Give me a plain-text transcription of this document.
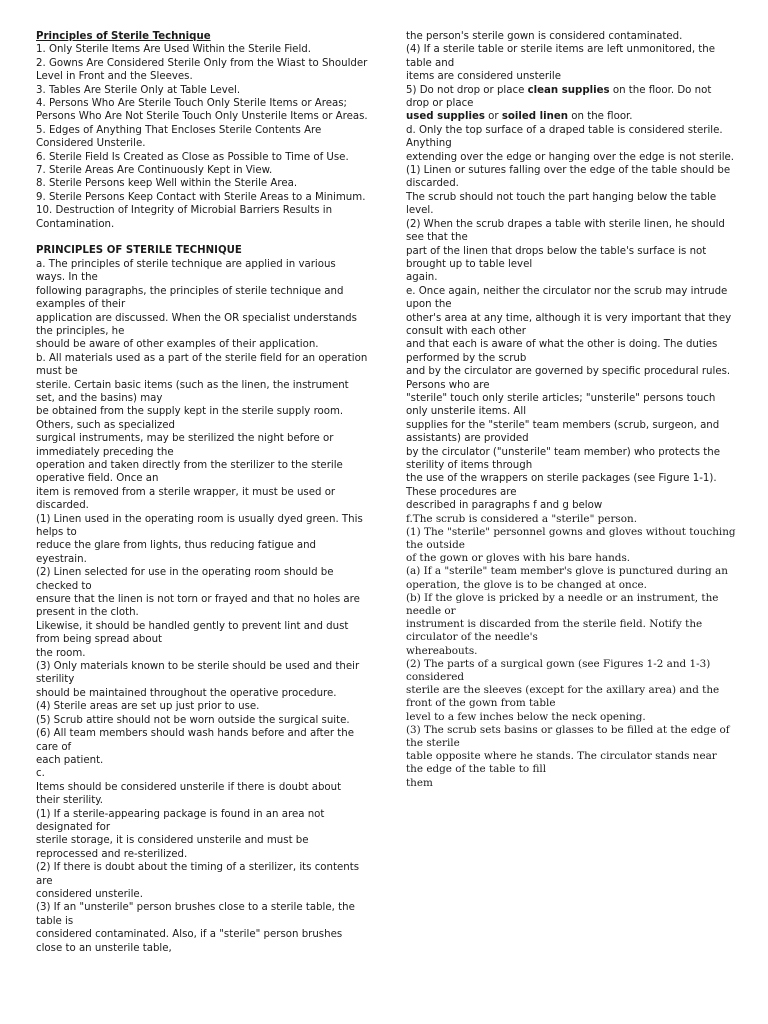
Principles of Sterile Technique

1. Only Sterile Items Are Used Within the Sterile Field.

2. Gowns Are Considered Sterile Only from the Wiast to Shoulder Level in Front and the Sleeves.

3. Tables Are Sterile Only at Table Level.

4. Persons Who Are Sterile Touch Only Sterile Items or Areas; Persons Who Are Not Sterile Touch Only Unsterile Items or Areas.

5. Edges of Anything That Encloses Sterile Contents Are Considered Unsterile.

6. Sterile Field Is Created as Close as Possible to Time of Use.

7. Sterile Areas Are Continuously Kept in View.

8. Sterile Persons keep Well within the Sterile Area.

9. Sterile Persons Keep Contact with Sterile Areas to a Minimum.

10. Destruction of Integrity of Microbial Barriers Results in Contamination.

PRINCIPLES OF STERILE TECHNIQUE

a. The principles of sterile technique are applied in various ways. In the

following paragraphs, the principles of sterile technique and examples of their

application are discussed. When the OR specialist understands the principles, he

should be aware of other examples of their application.

b. All materials used as a part of the sterile field for an operation must be

sterile. Certain basic items (such as the linen, the instrument set, and the basins) may

be obtained from the supply kept in the sterile supply room. Others, such as specialized

surgical instruments, may be sterilized the night before or immediately preceding the

operation and taken directly from the sterilizer to the sterile operative field. Once an

item is removed from a sterile wrapper, it must be used or discarded.

(1) Linen used in the operating room is usually dyed green. This helps to

reduce the glare from lights, thus reducing fatigue and eyestrain.

(2) Linen selected for use in the operating room should be checked to

ensure that the linen is not torn or frayed and that no holes are present in the cloth.

Likewise, it should be handled gently to prevent lint and dust from being spread about

the room.

(3) Only materials known to be sterile should be used and their sterility

should be maintained throughout the operative procedure.

(4) Sterile areas are set up just prior to use.

(5) Scrub attire should not be worn outside the surgical suite.

(6) All team members should wash hands before and after the care of

each patient.

c.

Items should be considered unsterile if there is doubt about their sterility.

(1) If a sterile-appearing package is found in an area not designated for

sterile storage, it is considered unsterile and must be

reprocessed and re-sterilized.

(2) If there is doubt about the timing of a sterilizer, its contents are

considered unsterile.

(3) If an "unsterile" person brushes close to a sterile table, the table is

considered contaminated. Also, if a "sterile" person brushes close to an unsterile table,

the person's sterile gown is considered contaminated.

(4) If a sterile table or sterile items are left unmonitored, the table and

items are considered unsterile

5) Do not drop or place clean supplies on the floor. Do not drop or place

used supplies or soiled linen on the floor.

d. Only the top surface of a draped table is considered sterile. Anything

extending over the edge or hanging over the edge is not sterile.

(1) Linen or sutures falling over the edge of the table should be discarded.

The scrub should not touch the part hanging below the table level.

(2) When the scrub drapes a table with sterile linen, he should see that the

part of the linen that drops below the table's surface is not brought up to table level

again.

e. Once again, neither the circulator nor the scrub may intrude upon the

other's area at any time, although it is very important that they consult with each other

and that each is aware of what the other is doing. The duties performed by the scrub

and by the circulator are governed by specific procedural rules. Persons who are

"sterile" touch only sterile articles; "unsterile" persons touch only unsterile items. All

supplies for the "sterile" team members (scrub, surgeon, and assistants) are provided

by the circulator ("unsterile" team member) who protects the sterility of items through

the use of the wrappers on sterile packages (see Figure 1-1). These procedures are

described in paragraphs f and g below

f.The scrub is considered a "sterile" person.

(1) The "sterile" personnel gowns and gloves without touching the outside

of the gown or gloves with his bare hands.

(a) If a "sterile" team member's glove is punctured during an operation, the glove is to be changed at once.

(b) If the glove is pricked by a needle or an instrument, the needle or

instrument is discarded from the sterile field. Notify the circulator of the needle's

whereabouts.

(2) The parts of a surgical gown (see Figures 1-2 and 1-3) considered

sterile are the sleeves (except for the axillary area) and the front of the gown from table

level to a few inches below the neck opening.

(3) The scrub sets basins or glasses to be filled at the edge of the sterile

table opposite where he stands. The circulator stands near the edge of the table to fill

them
